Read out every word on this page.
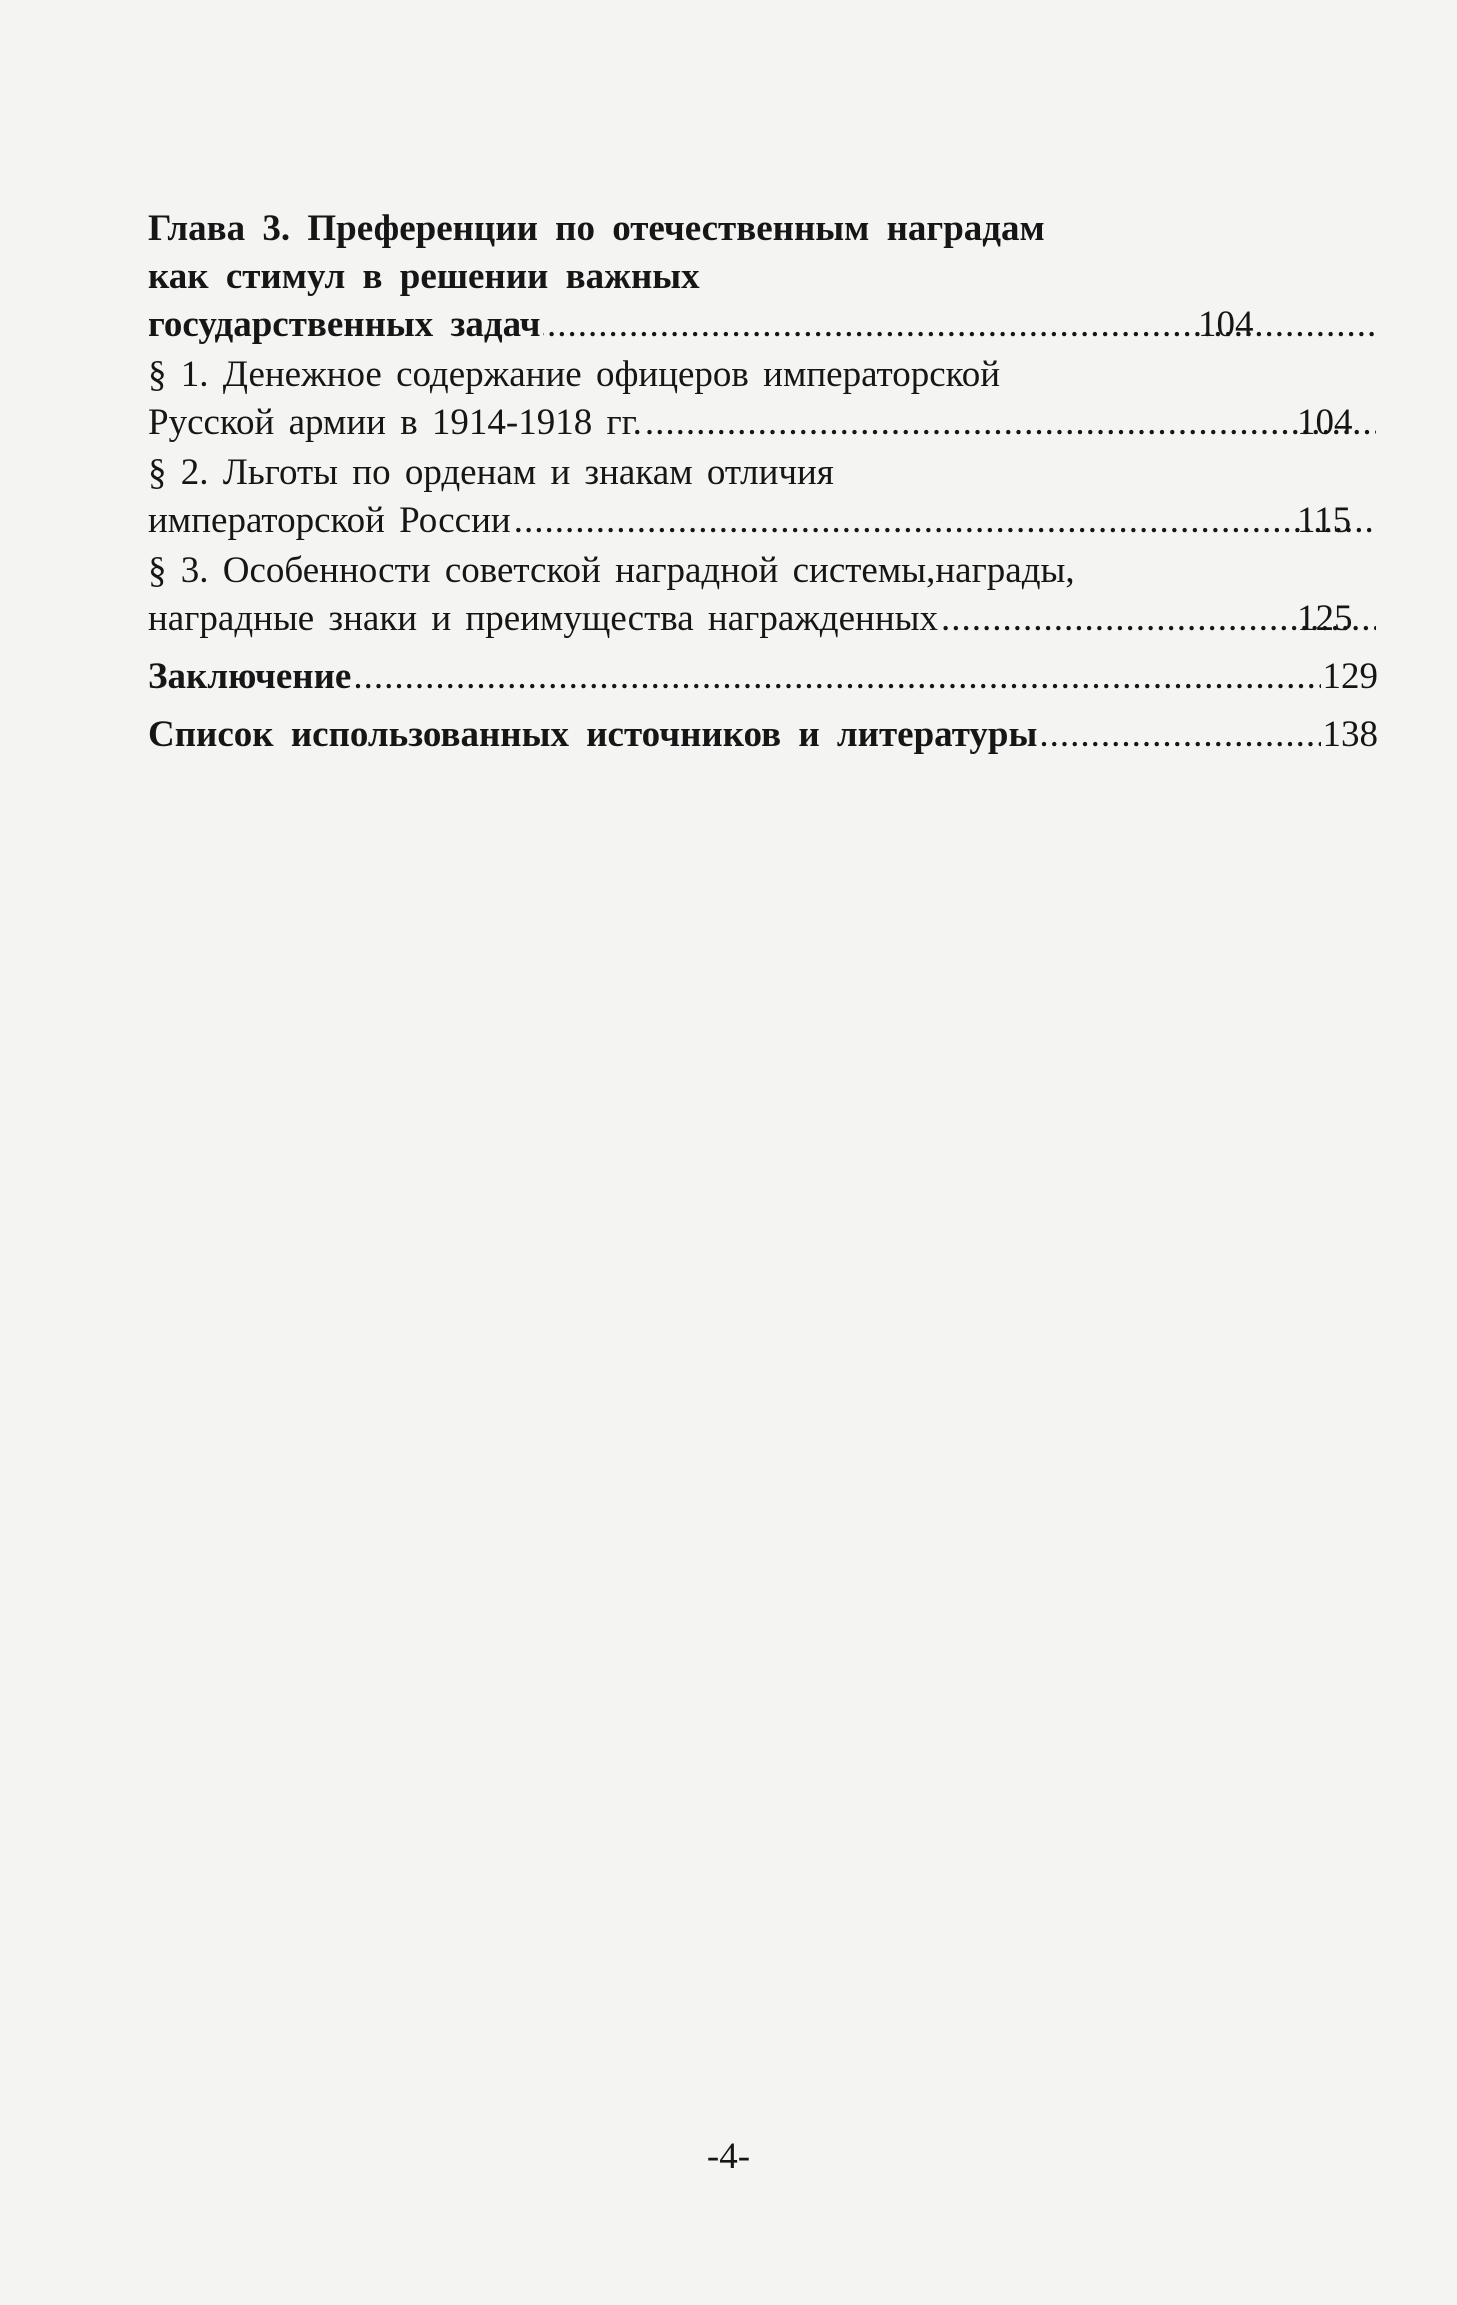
Глава 3. Преференции по отечественным наградам
как стимул в решении важных
государственных задач .....	104
§ 1. Денежное содержание офицеров императорской
Русской армии в 1914-1918 гг. .....	104
§ 2. Льготы по орденам и знакам отличия
императорской России .....	115
§ 3. Особенности советской наградной системы,награды,
наградные знаки и преимущества награжденных .....	125
Заключение .....	129
Список использованных источников и литературы .....	138
-4-
